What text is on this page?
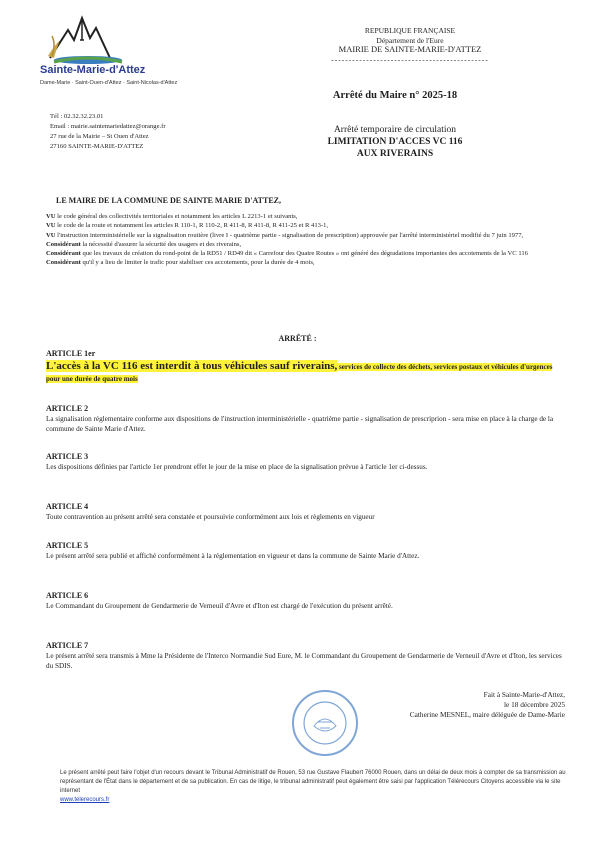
Sainte-Marie-d'Attez
Dame-Marie · Saint-Ouen-d'Attez · Saint-Nicolas-d'Attez
Tél : 02.32.32.23.01
Email : mairie.saintemariedattez@orange.fr
27 rue de la Mairie – St Ouen d'Attez
27160 SAINTE-MARIE-D'ATTEZ
REPUBLIQUE FRANÇAISE
Département de l'Eure
MAIRIE DE SAINTE-MARIE-D'ATTEZ
---------------------------------------------
Arrêté du Maire n° 2025-18
Arrêté temporaire de circulation
LIMITATION D'ACCES VC 116
AUX RIVERAINS
LE MAIRE DE LA COMMUNE DE SAINTE MARIE D'ATTEZ,

VU le code général des collectivités territoriales et notamment les articles L 2213-1 et suivants,

VU le code de la route et notamment les articles R 110-1, R 110-2, R 411-8, R 411-8, R 411-25 et R 413-1,

VU l'instruction interministérielle sur la signalisation routière (livre I - quatrième partie - signalisation de prescription) approuvée par l'arrêté interministériel modifié du 7 juin 1977,

Considérant la nécessité d'assurer la sécurité des usagers et des riverains,

Considérant que les travaux de création du rond-point de la RD51 / RD49 dit « Carrefour des Quatre Routes » ont généré des dégradations importantes des accotements de la VC 116

Considérant qu'il y a lieu de limiter le trafic pour stabiliser ces accotements, pour la durée de 4 mois,

ARRÊTÉ :
ARTICLE 1er

L'accès à la VC 116 est interdit à tous véhicules sauf riverains, services de collecte des déchets, services postaux et véhicules d'urgences pour une durée de quatre mois

ARTICLE 2

La signalisation réglementaire conforme aux dispositions de l'instruction interministérielle - quatrième partie - signalisation de prescriprion - sera mise en place à la charge de la commune de Sainte Marie d'Attez.

ARTICLE 3

Les dispositions définies par l'article 1er prendront effet le jour de la mise en place de la signalisation prévue à l'article 1er ci-dessus.

ARTICLE 4

Toute contravention au présent arrêté sera constatée et poursuivie conformément aux lois et règlements en vigueur

ARTICLE 5

Le présent arrêté sera publié et affiché conformément à la réglementation en vigueur et dans la commune de Sainte Marie d'Attez.

ARTICLE 6

Le Commandant du Groupement de Gendarmerie de Verneuil d'Avre et d'Iton est chargé de l'exécution du présent arrêté.

ARTICLE 7

Le présent arrêté sera transmis à Mme la Présidente de l'Interco Normandie Sud Eure, M. le Commandant du Groupement de Gendarmerie de Verneuil d'Avre et d'Iton, les services du SDIS.

Fait à Sainte-Marie-d'Attez,
le 18 décembre 2025
Catherine MESNEL, maire déléguée de Dame-Marie

Le présent arrêté peut faire l'objet d'un recours devant le Tribunal Administratif de Rouen, 53 rue Gustave Flaubert 76000 Rouen, dans un délai de deux mois à compter de sa transmission au représentant de l'État dans le département et de sa publication. En cas de litige, le tribunal administratif peut également être saisi par l'application Télérecours Citoyens accessible via le site internet

www.telerecours.fr
